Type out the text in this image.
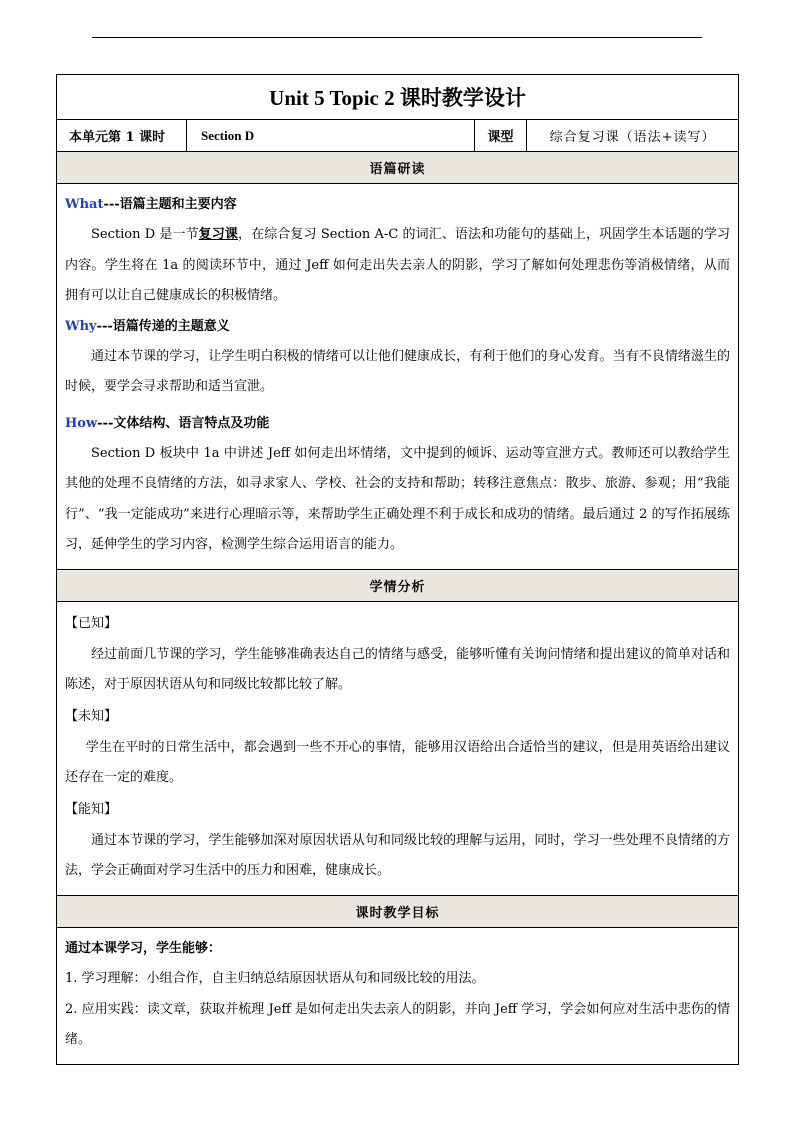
Unit 5 Topic 2 课时教学设计
本单元第 1 课时	Section D	课型	综合复习课（语法+读写）
语篇研读

What---语篇主题和主要内容

Section D 是一节复习课，在综合复习 Section A-C 的词汇、语法和功能句的基础上，巩固学生本话题的学习内容。学生将在 1a 的阅读环节中，通过 Jeff 如何走出失去亲人的阴影，学习了解如何处理悲伤等消极情绪，从而拥有可以让自己健康成长的积极情绪。

Why---语篇传递的主题意义

通过本节课的学习，让学生明白积极的情绪可以让他们健康成长，有利于他们的身心发育。当有不良情绪滋生的时候，要学会寻求帮助和适当宣泄。

How---文体结构、语言特点及功能

Section D 板块中 1a 中讲述 Jeff 如何走出坏情绪，文中提到的倾诉、运动等宣泄方式。教师还可以教给学生其他的处理不良情绪的方法，如寻求家人、学校、社会的支持和帮助；转移注意焦点：散步、旅游、参观；用“我能行”、“我一定能成功”来进行心理暗示等，来帮助学生正确处理不利于成长和成功的情绪。最后通过 2 的写作拓展练习，延伸学生的学习内容，检测学生综合运用语言的能力。

学情分析

【已知】

经过前面几节课的学习，学生能够准确表达自己的情绪与感受，能够听懂有关询问情绪和提出建议的简单对话和陈述，对于原因状语从句和同级比较都比较了解。

【未知】

学生在平时的日常生活中，都会遇到一些不开心的事情，能够用汉语给出合适恰当的建议，但是用英语给出建议还存在一定的难度。

【能知】

通过本节课的学习，学生能够加深对原因状语从句和同级比较的理解与运用，同时，学习一些处理不良情绪的方法，学会正确面对学习生活中的压力和困难，健康成长。

课时教学目标

通过本课学习，学生能够：

1. 学习理解：小组合作，自主归纳总结原因状语从句和同级比较的用法。

2. 应用实践：读文章，获取并梳理 Jeff 是如何走出失去亲人的阴影，并向 Jeff 学习，学会如何应对生活中悲伤的情绪。
